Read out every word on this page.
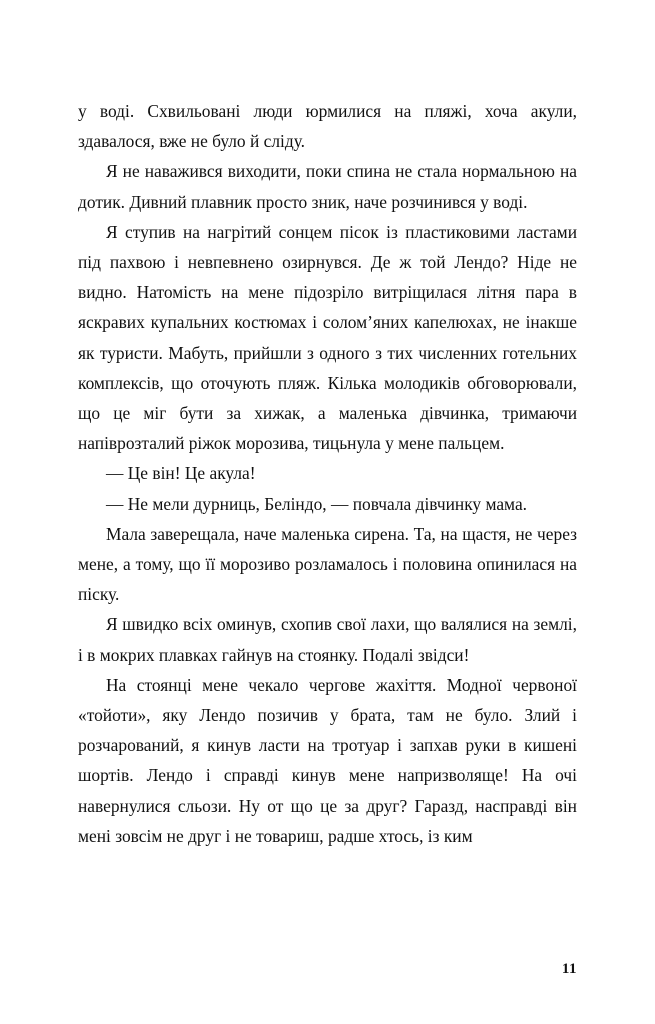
у воді. Схвильовані люди юрмилися на пляжі, хоча акули, здавалося, вже не було й сліду.

Я не наважився виходити, поки спина не стала нормальною на дотик. Дивний плавник просто зник, наче розчинився у воді.

Я ступив на нагрітий сонцем пісок із пластиковими ластами під пахвою і невпевнено озирнувся. Де ж той Лендо? Ніде не видно. Натомість на мене підозріло витріщилася літня пара в яскравих купальних костюмах і солом’яних капелюхах, не інакше як туристи. Мабуть, прийшли з одного з тих численних готельних комплексів, що оточують пляж. Кілька молодиків обговорювали, що це міг бути за хижак, а маленька дівчинка, тримаючи напіврозталий ріжок морозива, тицьнула у мене пальцем.

— Це він! Це акула!

— Не мели дурниць, Беліндо, — повчала дівчинку мама.

Мала заверещала, наче маленька сирена. Та, на щастя, не через мене, а тому, що її морозиво розламалось і половина опинилася на піску.

Я швидко всіх оминув, схопив свої лахи, що валялися на землі, і в мокрих плавках гайнув на стоянку. Подалі звідси!

На стоянці мене чекало чергове жахіття. Модної червоної «тойоти», яку Лендо позичив у брата, там не було. Злий і розчарований, я кинув ласти на тротуар і запхав руки в кишені шортів. Лендо і справді кинув мене напризволяще! На очі навернулися сльози. Ну от що це за друг? Гаразд, насправді він мені зовсім не друг і не товариш, радше хтось, із ким

11
